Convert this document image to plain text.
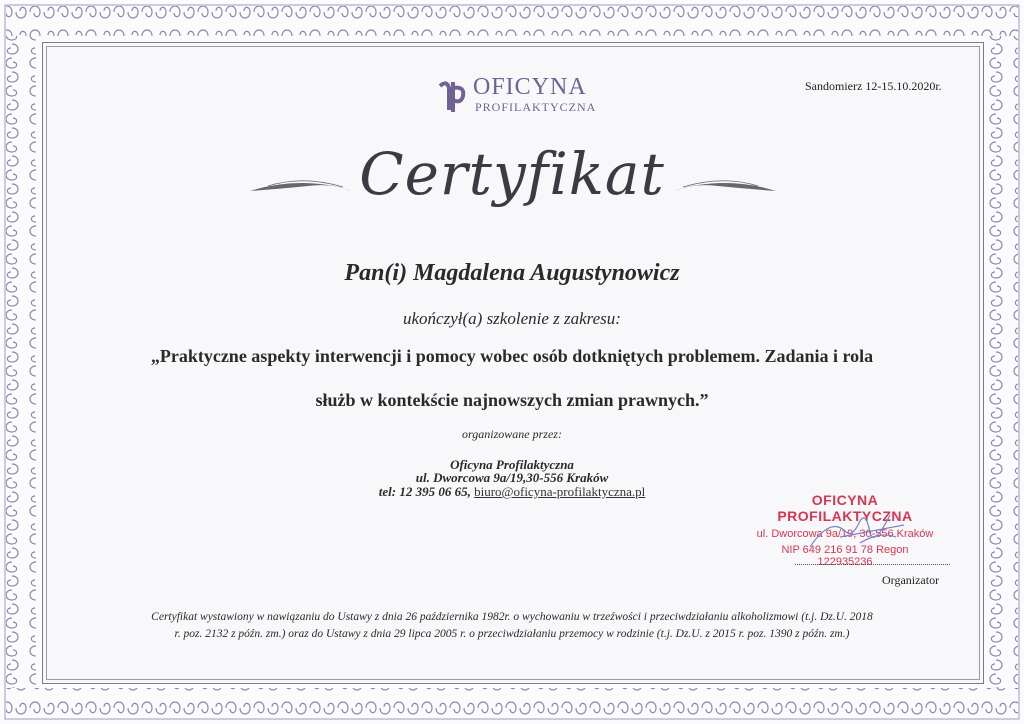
OFICYNA
PROFILAKTYCZNA
Sandomierz 12-15.10.2020r.
Certyfikat
Pan(i) Magdalena Augustynowicz
ukończył(a) szkolenie z zakresu:
„Praktyczne aspekty interwencji i pomocy wobec osób dotkniętych problemem. Zadania i rola
służb w kontekście najnowszych zmian prawnych.”
organizowane przez:
Oficyna Profilaktyczna
ul. Dworcowa 9a/19,30-556 Kraków
tel: 12 395 06 65, biuro@oficyna-profilaktyczna.pl
OFICYNA PROFILAKTYCZNA
ul. Dworcowa 9a/19, 30-556 Kraków
NIP 649 216 91 78 Regon 122935236
Organizator
Certyfikat wystawiony w nawiązaniu do Ustawy z dnia 26 października 1982r. o wychowaniu w trzeźwości i przeciwdziałaniu alkoholizmowi (t.j. Dz.U. 2018
r. poz. 2132 z późn. zm.) oraz do Ustawy z dnia 29 lipca 2005 r. o przeciwdziałaniu przemocy w rodzinie (t.j. Dz.U. z 2015 r. poz. 1390 z późn. zm.)
